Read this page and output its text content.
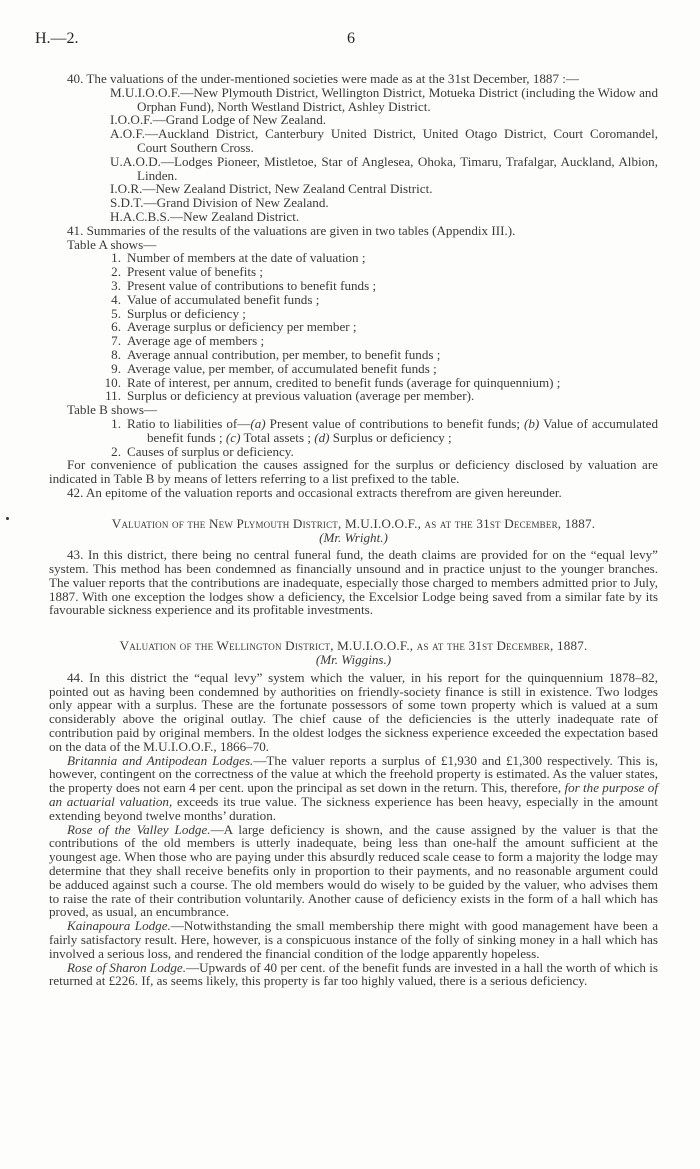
H.—2.	6

40. The valuations of the under-mentioned societies were made as at the 31st December, 1887 :—

M.U.I.O.O.F.—New Plymouth District, Wellington District, Motueka District (including the Widow and Orphan Fund), North Westland District, Ashley District.
I.O.O.F.—Grand Lodge of New Zealand.
A.O.F.—Auckland District, Canterbury United District, United Otago District, Court Coromandel, Court Southern Cross.
U.A.O.D.—Lodges Pioneer, Mistletoe, Star of Anglesea, Ohoka, Timaru, Trafalgar, Auckland, Albion, Linden.
I.O.R.—New Zealand District, New Zealand Central District.
S.D.T.—Grand Division of New Zealand.
H.A.C.B.S.—New Zealand District.

41. Summaries of the results of the valuations are given in two tables (Appendix III.).

Table A shows—
1. Number of members at the date of valuation ;
2. Present value of benefits ;
3. Present value of contributions to benefit funds ;
4. Value of accumulated benefit funds ;
5. Surplus or deficiency ;
6. Average surplus or deficiency per member ;
7. Average age of members ;
8. Average annual contribution, per member, to benefit funds ;
9. Average value, per member, of accumulated benefit funds ;
10. Rate of interest, per annum, credited to benefit funds (average for quinquennium) ;
11. Surplus or deficiency at previous valuation (average per member).
Table B shows—
1. Ratio to liabilities of—(a) Present value of contributions to benefit funds; (b) Value of accumulated benefit funds ; (c) Total assets ; (d) Surplus or deficiency ;
2. Causes of surplus or deficiency.

For convenience of publication the causes assigned for the surplus or deficiency disclosed by valuation are indicated in Table B by means of letters referring to a list prefixed to the table.

42. An epitome of the valuation reports and occasional extracts therefrom are given hereunder.

Valuation of the New Plymouth District, M.U.I.O.O.F., as at the 31st December, 1887.
(Mr. Wright.)

43. In this district, there being no central funeral fund, the death claims are provided for on the “equal levy” system. This method has been condemned as financially unsound and in practice unjust to the younger branches. The valuer reports that the contributions are inadequate, especially those charged to members admitted prior to July, 1887. With one exception the lodges show a deficiency, the Excelsior Lodge being saved from a similar fate by its favourable sickness experience and its profitable investments.

Valuation of the Wellington District, M.U.I.O.O.F., as at the 31st December, 1887.
(Mr. Wiggins.)

44. In this district the “equal levy” system which the valuer, in his report for the quinquennium 1878–82, pointed out as having been condemned by authorities on friendly-society finance is still in existence. Two lodges only appear with a surplus. These are the fortunate possessors of some town property which is valued at a sum considerably above the original outlay. The chief cause of the deficiencies is the utterly inadequate rate of contribution paid by original members. In the oldest lodges the sickness experience exceeded the expectation based on the data of the M.U.I.O.O.F., 1866–70.

Britannia and Antipodean Lodges.—The valuer reports a surplus of £1,930 and £1,300 respectively. This is, however, contingent on the correctness of the value at which the freehold property is estimated. As the valuer states, the property does not earn 4 per cent. upon the principal as set down in the return. This, therefore, for the purpose of an actuarial valuation, exceeds its true value. The sickness experience has been heavy, especially in the amount extending beyond twelve months’ duration.

Rose of the Valley Lodge.—A large deficiency is shown, and the cause assigned by the valuer is that the contributions of the old members is utterly inadequate, being less than one-half the amount sufficient at the youngest age. When those who are paying under this absurdly reduced scale cease to form a majority the lodge may determine that they shall receive benefits only in proportion to their payments, and no reasonable argument could be adduced against such a course. The old members would do wisely to be guided by the valuer, who advises them to raise the rate of their contribution voluntarily. Another cause of deficiency exists in the form of a hall which has proved, as usual, an encumbrance.

Kainapoura Lodge.—Notwithstanding the small membership there might with good management have been a fairly satisfactory result. Here, however, is a conspicuous instance of the folly of sinking money in a hall which has involved a serious loss, and rendered the financial condition of the lodge apparently hopeless.

Rose of Sharon Lodge.—Upwards of 40 per cent. of the benefit funds are invested in a hall the worth of which is returned at £226. If, as seems likely, this property is far too highly valued, there is a serious deficiency.
